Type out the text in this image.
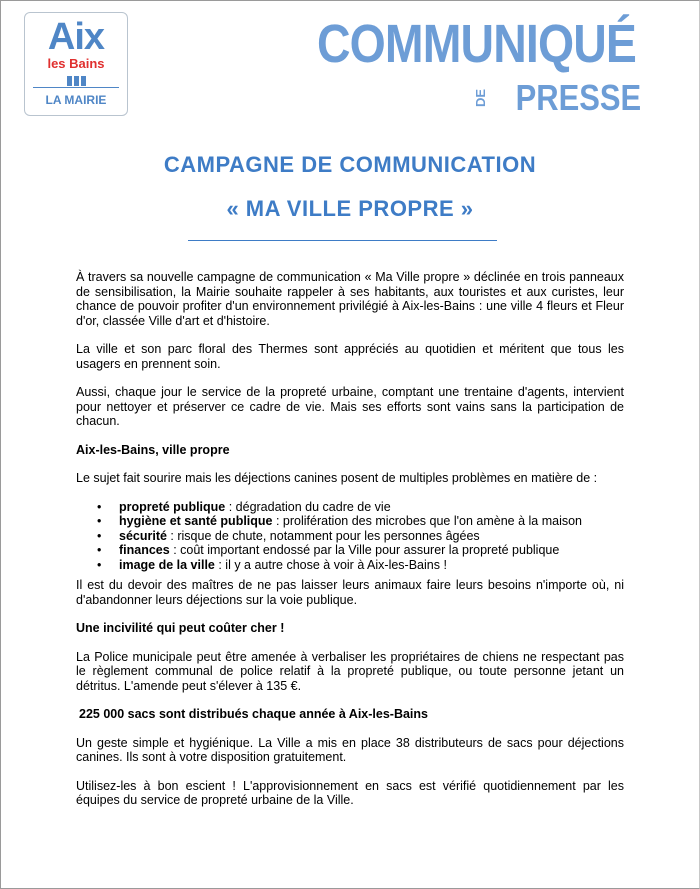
Aix
les Bains
LA MAIRIE
COMMUNIQUÉ
DE PRESSE
CAMPAGNE DE COMMUNICATION
« MA VILLE PROPRE »

À travers sa nouvelle campagne de communication « Ma Ville propre » déclinée en trois panneaux de sensibilisation, la Mairie souhaite rappeler à ses habitants, aux touristes et aux curistes, leur chance de pouvoir profiter d'un environnement privilégié à Aix-les-Bains : une ville 4 fleurs et Fleur d'or, classée Ville d'art et d'histoire.

La ville et son parc floral des Thermes sont appréciés au quotidien et méritent que tous les usagers en prennent soin.

Aussi, chaque jour le service de la propreté urbaine, comptant une trentaine d'agents, intervient pour nettoyer et préserver ce cadre de vie. Mais ses efforts sont vains sans la participation de chacun.

Aix-les-Bains, ville propre

Le sujet fait sourire mais les déjections canines posent de multiples problèmes en matière de :

• propreté publique : dégradation du cadre de vie
• hygiène et santé publique : prolifération des microbes que l'on amène à la maison
• sécurité : risque de chute, notamment pour les personnes âgées
• finances : coût important endossé par la Ville pour assurer la propreté publique
• image de la ville : il y a autre chose à voir à Aix-les-Bains !

Il est du devoir des maîtres de ne pas laisser leurs animaux faire leurs besoins n'importe où, ni d'abandonner leurs déjections sur la voie publique.

Une incivilité qui peut coûter cher !

La Police municipale peut être amenée à verbaliser les propriétaires de chiens ne respectant pas le règlement communal de police relatif à la propreté publique, ou toute personne jetant un détritus. L'amende peut s'élever à 135 €.

225 000 sacs sont distribués chaque année à Aix-les-Bains

Un geste simple et hygiénique. La Ville a mis en place 38 distributeurs de sacs pour déjections canines. Ils sont à votre disposition gratuitement.

Utilisez-les à bon escient ! L'approvisionnement en sacs est vérifié quotidiennement par les équipes du service de propreté urbaine de la Ville.
